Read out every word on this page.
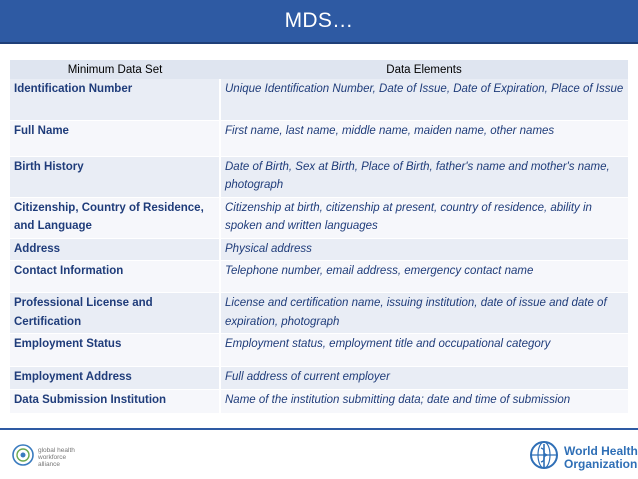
MDS…
Minimum Data Set	Data Elements
Identification Number	Unique Identification Number, Date of Issue, Date of Expiration, Place of Issue
Full Name	First name, last name, middle name, maiden name, other names
Birth History	Date of Birth, Sex at Birth, Place of Birth, father's name and mother's name, photograph
Citizenship, Country of Residence, and Language	Citizenship at birth, citizenship at present, country of residence, ability in spoken and written languages
Address	Physical address
Contact Information	Telephone number, email address, emergency contact name
Professional License and Certification	License and certification name, issuing institution, date of issue and date of expiration, photograph
Employment Status	Employment status, employment title and occupational category
Employment Address	Full address of current employer
Data Submission Institution	Name of the institution submitting data; date and time of submission
global health workforce alliance
World Health Organization
